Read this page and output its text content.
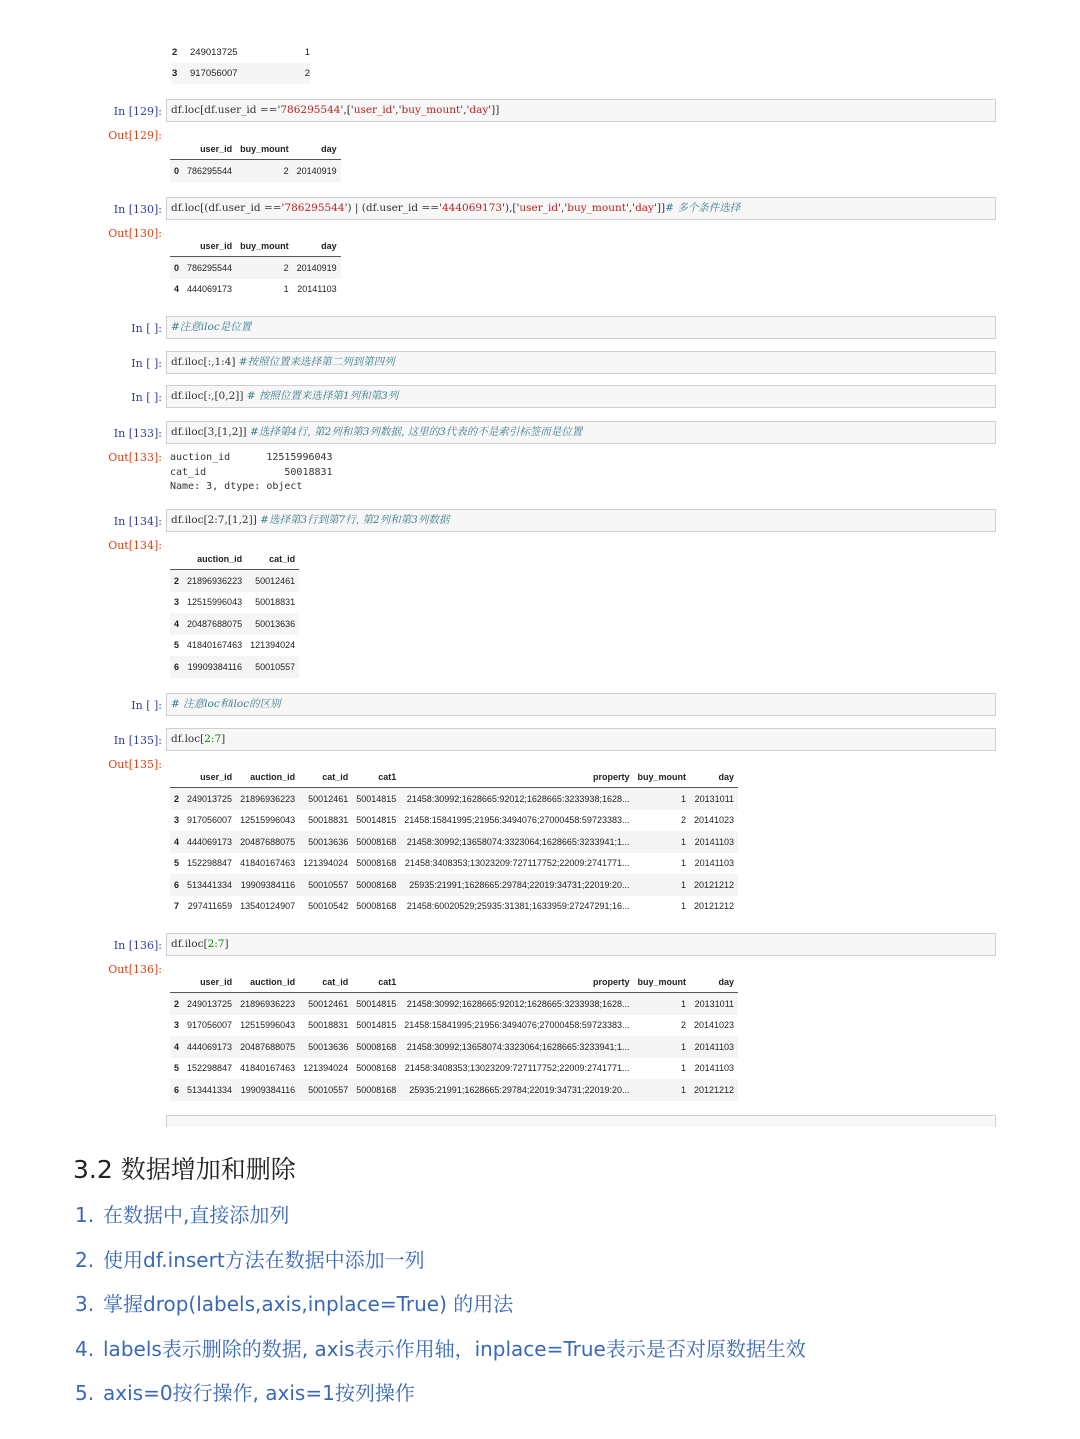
2	249013725	1
3	917056007	2
In [129]: df.loc[df.user_id =='786295544',['user_id','buy_mount','day']]
Out[129]:
	user_id	buy_mount	day
0	786295544	2	20140919
In [130]: df.loc[(df.user_id =='786295544') | (df.user_id =='444069173'),['user_id','buy_mount','day']]# 多个条件选择
Out[130]:
	user_id	buy_mount	day
0	786295544	2	20140919
4	444069173	1	20141103
In [ ]: #注意iloc是位置
In [ ]: df.iloc[:,1:4] #按照位置来选择第二列到第四列
In [ ]: df.iloc[:,[0,2]] # 按照位置来选择第1列和第3列
In [133]: df.iloc[3,[1,2]] #选择第4行, 第2列和第3列数据, 这里的3代表的不是索引标签而是位置
Out[133]: auction_id      12515996043
cat_id             50018831
Name: 3, dtype: object
In [134]: df.iloc[2:7,[1,2]] #选择第3行到第7行, 第2列和第3列数据
Out[134]:
	auction_id	cat_id
2	21896936223	50012461
3	12515996043	50018831
4	20487688075	50013636
5	41840167463	121394024
6	19909384116	50010557
In [ ]: # 注意loc和iloc的区别
In [135]: df.loc[2:7]
Out[135]:
	user_id	auction_id	cat_id	cat1	property	buy_mount	day
2	249013725	21896936223	50012461	50014815	21458:30992;1628665:92012;1628665:3233938;1628...	1	20131011
3	917056007	12515996043	50018831	50014815	21458:15841995;21956:3494076;27000458:59723383...	2	20141023
4	444069173	20487688075	50013636	50008168	21458:30992;13658074:3323064;1628665:3233941;1...	1	20141103
5	152298847	41840167463	121394024	50008168	21458:3408353;13023209:727117752;22009:2741771...	1	20141103
6	513441334	19909384116	50010557	50008168	25935:21991;1628665:29784;22019:34731;22019:20...	1	20121212
7	297411659	13540124907	50010542	50008168	21458:60020529;25935:31381;1633959:27247291;16...	1	20121212
In [136]: df.iloc[2:7]
Out[136]:
	user_id	auction_id	cat_id	cat1	property	buy_mount	day
2	249013725	21896936223	50012461	50014815	21458:30992;1628665:92012;1628665:3233938;1628...	1	20131011
3	917056007	12515996043	50018831	50014815	21458:15841995;21956:3494076;27000458:59723383...	2	20141023
4	444069173	20487688075	50013636	50008168	21458:30992;13658074:3323064;1628665:3233941;1...	1	20141103
5	152298847	41840167463	121394024	50008168	21458:3408353;13023209:727117752;22009:2741771...	1	20141103
6	513441334	19909384116	50010557	50008168	25935:21991;1628665:29784;22019:34731;22019:20...	1	20121212
3.2 数据增加和删除
1. 在数据中,直接添加列
2. 使用df.insert方法在数据中添加一列
3. 掌握drop(labels,axis,inplace=True) 的用法
4. labels表示删除的数据, axis表示作用轴，inplace=True表示是否对原数据生效
5. axis=0按行操作, axis=1按列操作
